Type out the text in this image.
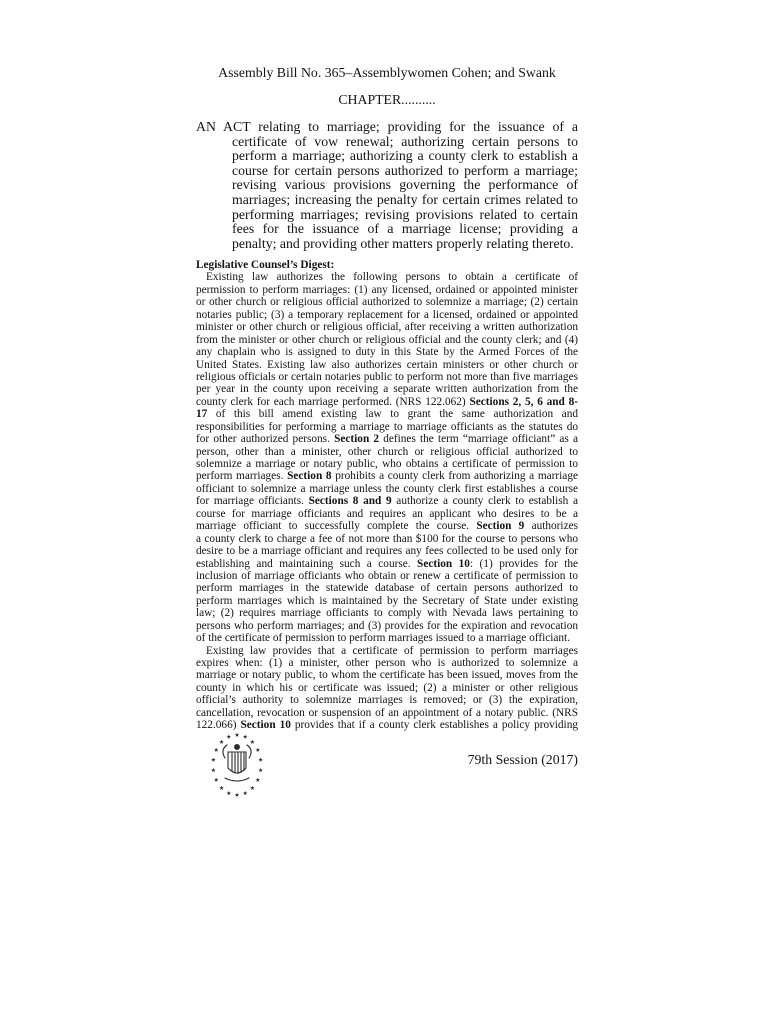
Assembly Bill No. 365–Assemblywomen Cohen; and Swank
CHAPTER..........
AN ACT relating to marriage; providing for the issuance of a
certificate of vow renewal; authorizing certain persons to
perform a marriage; authorizing a county clerk to establish a
course for certain persons authorized to perform a marriage;
revising various provisions governing the performance of
marriages; increasing the penalty for certain crimes related to
performing marriages; revising provisions related to certain
fees for the issuance of a marriage license; providing a
penalty; and providing other matters properly relating thereto.
Legislative Counsel’s Digest:
Existing law authorizes the following persons to obtain a certificate of
permission to perform marriages: (1) any licensed, ordained or appointed minister
or other church or religious official authorized to solemnize a marriage; (2) certain
notaries public; (3) a temporary replacement for a licensed, ordained or appointed
minister or other church or religious official, after receiving a written authorization
from the minister or other church or religious official and the county clerk; and (4)
any chaplain who is assigned to duty in this State by the Armed Forces of the
United States. Existing law also authorizes certain ministers or other church or
religious officials or certain notaries public to perform not more than five marriages
per year in the county upon receiving a separate written authorization from the
county clerk for each marriage performed. (NRS 122.062) Sections 2, 5, 6 and 8-
17 of this bill amend existing law to grant the same authorization and
responsibilities for performing a marriage to marriage officiants as the statutes do
for other authorized persons. Section 2 defines the term “marriage officiant” as a
person, other than a minister, other church or religious official authorized to
solemnize a marriage or notary public, who obtains a certificate of permission to
perform marriages. Section 8 prohibits a county clerk from authorizing a marriage
officiant to solemnize a marriage unless the county clerk first establishes a course
for marriage officiants. Sections 8 and 9 authorize a county clerk to establish a
course for marriage officiants and requires an applicant who desires to be a
marriage officiant to successfully complete the course. Section 9 authorizes
a county clerk to charge a fee of not more than $100 for the course to persons who
desire to be a marriage officiant and requires any fees collected to be used only for
establishing and maintaining such a course. Section 10: (1) provides for the
inclusion of marriage officiants who obtain or renew a certificate of permission to
perform marriages in the statewide database of certain persons authorized to
perform marriages which is maintained by the Secretary of State under existing
law; (2) requires marriage officiants to comply with Nevada laws pertaining to
persons who perform marriages; and (3) provides for the expiration and revocation
of the certificate of permission to perform marriages issued to a marriage officiant.
Existing law provides that a certificate of permission to perform marriages
expires when: (1) a minister, other person who is authorized to solemnize a
marriage or notary public, to whom the certificate has been issued, moves from the
county in which his or certificate was issued; (2) a minister or other religious
official’s authority to solemnize marriages is removed; or (3) the expiration,
cancellation, revocation or suspension of an appointment of a notary public. (NRS
122.066) Section 10 provides that if a county clerk establishes a policy providing
79th Session (2017)
